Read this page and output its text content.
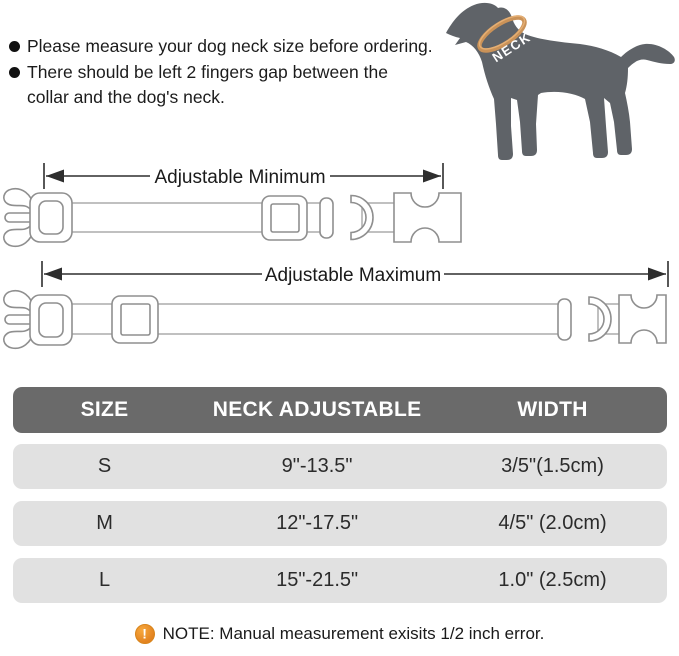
Please measure your dog neck size before ordering.
There should be left 2 fingers gap between the
collar and the dog's neck.
NECK
Adjustable Minimum
Adjustable Maximum
SIZE	NECK ADJUSTABLE	WIDTH
S	9"-13.5"	3/5"(1.5cm)
M	12"-17.5"	4/5" (2.0cm)
L	15"-21.5"	1.0" (2.5cm)
! NOTE: Manual measurement exisits 1/2 inch error.
